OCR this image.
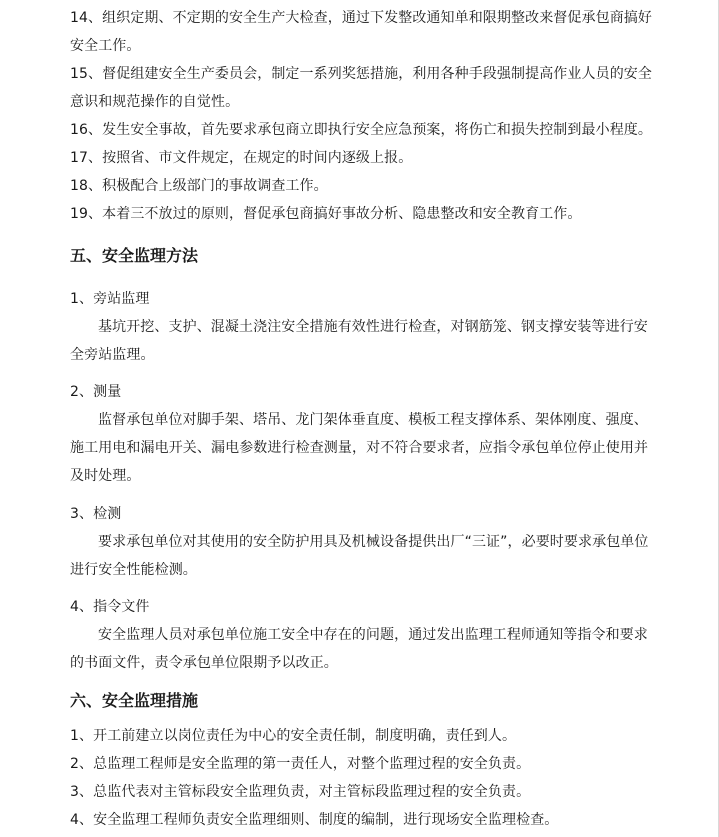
14、组织定期、不定期的安全生产大检查，通过下发整改通知单和限期整改来督促承包商搞好安全工作。

15、督促组建安全生产委员会，制定一系列奖惩措施，利用各种手段强制提高作业人员的安全意识和规范操作的自觉性。

16、发生安全事故，首先要求承包商立即执行安全应急预案，将伤亡和损失控制到最小程度。

17、按照省、市文件规定，在规定的时间内逐级上报。

18、积极配合上级部门的事故调查工作。

19、本着三不放过的原则，督促承包商搞好事故分析、隐患整改和安全教育工作。

五、安全监理方法

1、旁站监理

基坑开挖、支护、混凝土浇注安全措施有效性进行检查，对钢筋笼、钢支撑安装等进行安全旁站监理。

2、测量

监督承包单位对脚手架、塔吊、龙门架体垂直度、模板工程支撑体系、架体刚度、强度、施工用电和漏电开关、漏电参数进行检查测量，对不符合要求者，应指令承包单位停止使用并及时处理。

3、检测

要求承包单位对其使用的安全防护用具及机械设备提供出厂“三证”，必要时要求承包单位进行安全性能检测。

4、指令文件

安全监理人员对承包单位施工安全中存在的问题，通过发出监理工程师通知等指令和要求的书面文件，责令承包单位限期予以改正。

六、安全监理措施

1、开工前建立以岗位责任为中心的安全责任制，制度明确，责任到人。

2、总监理工程师是安全监理的第一责任人，对整个监理过程的安全负责。

3、总监代表对主管标段安全监理负责，对主管标段监理过程的安全负责。

4、安全监理工程师负责安全监理细则、制度的编制，进行现场安全监理检查。
